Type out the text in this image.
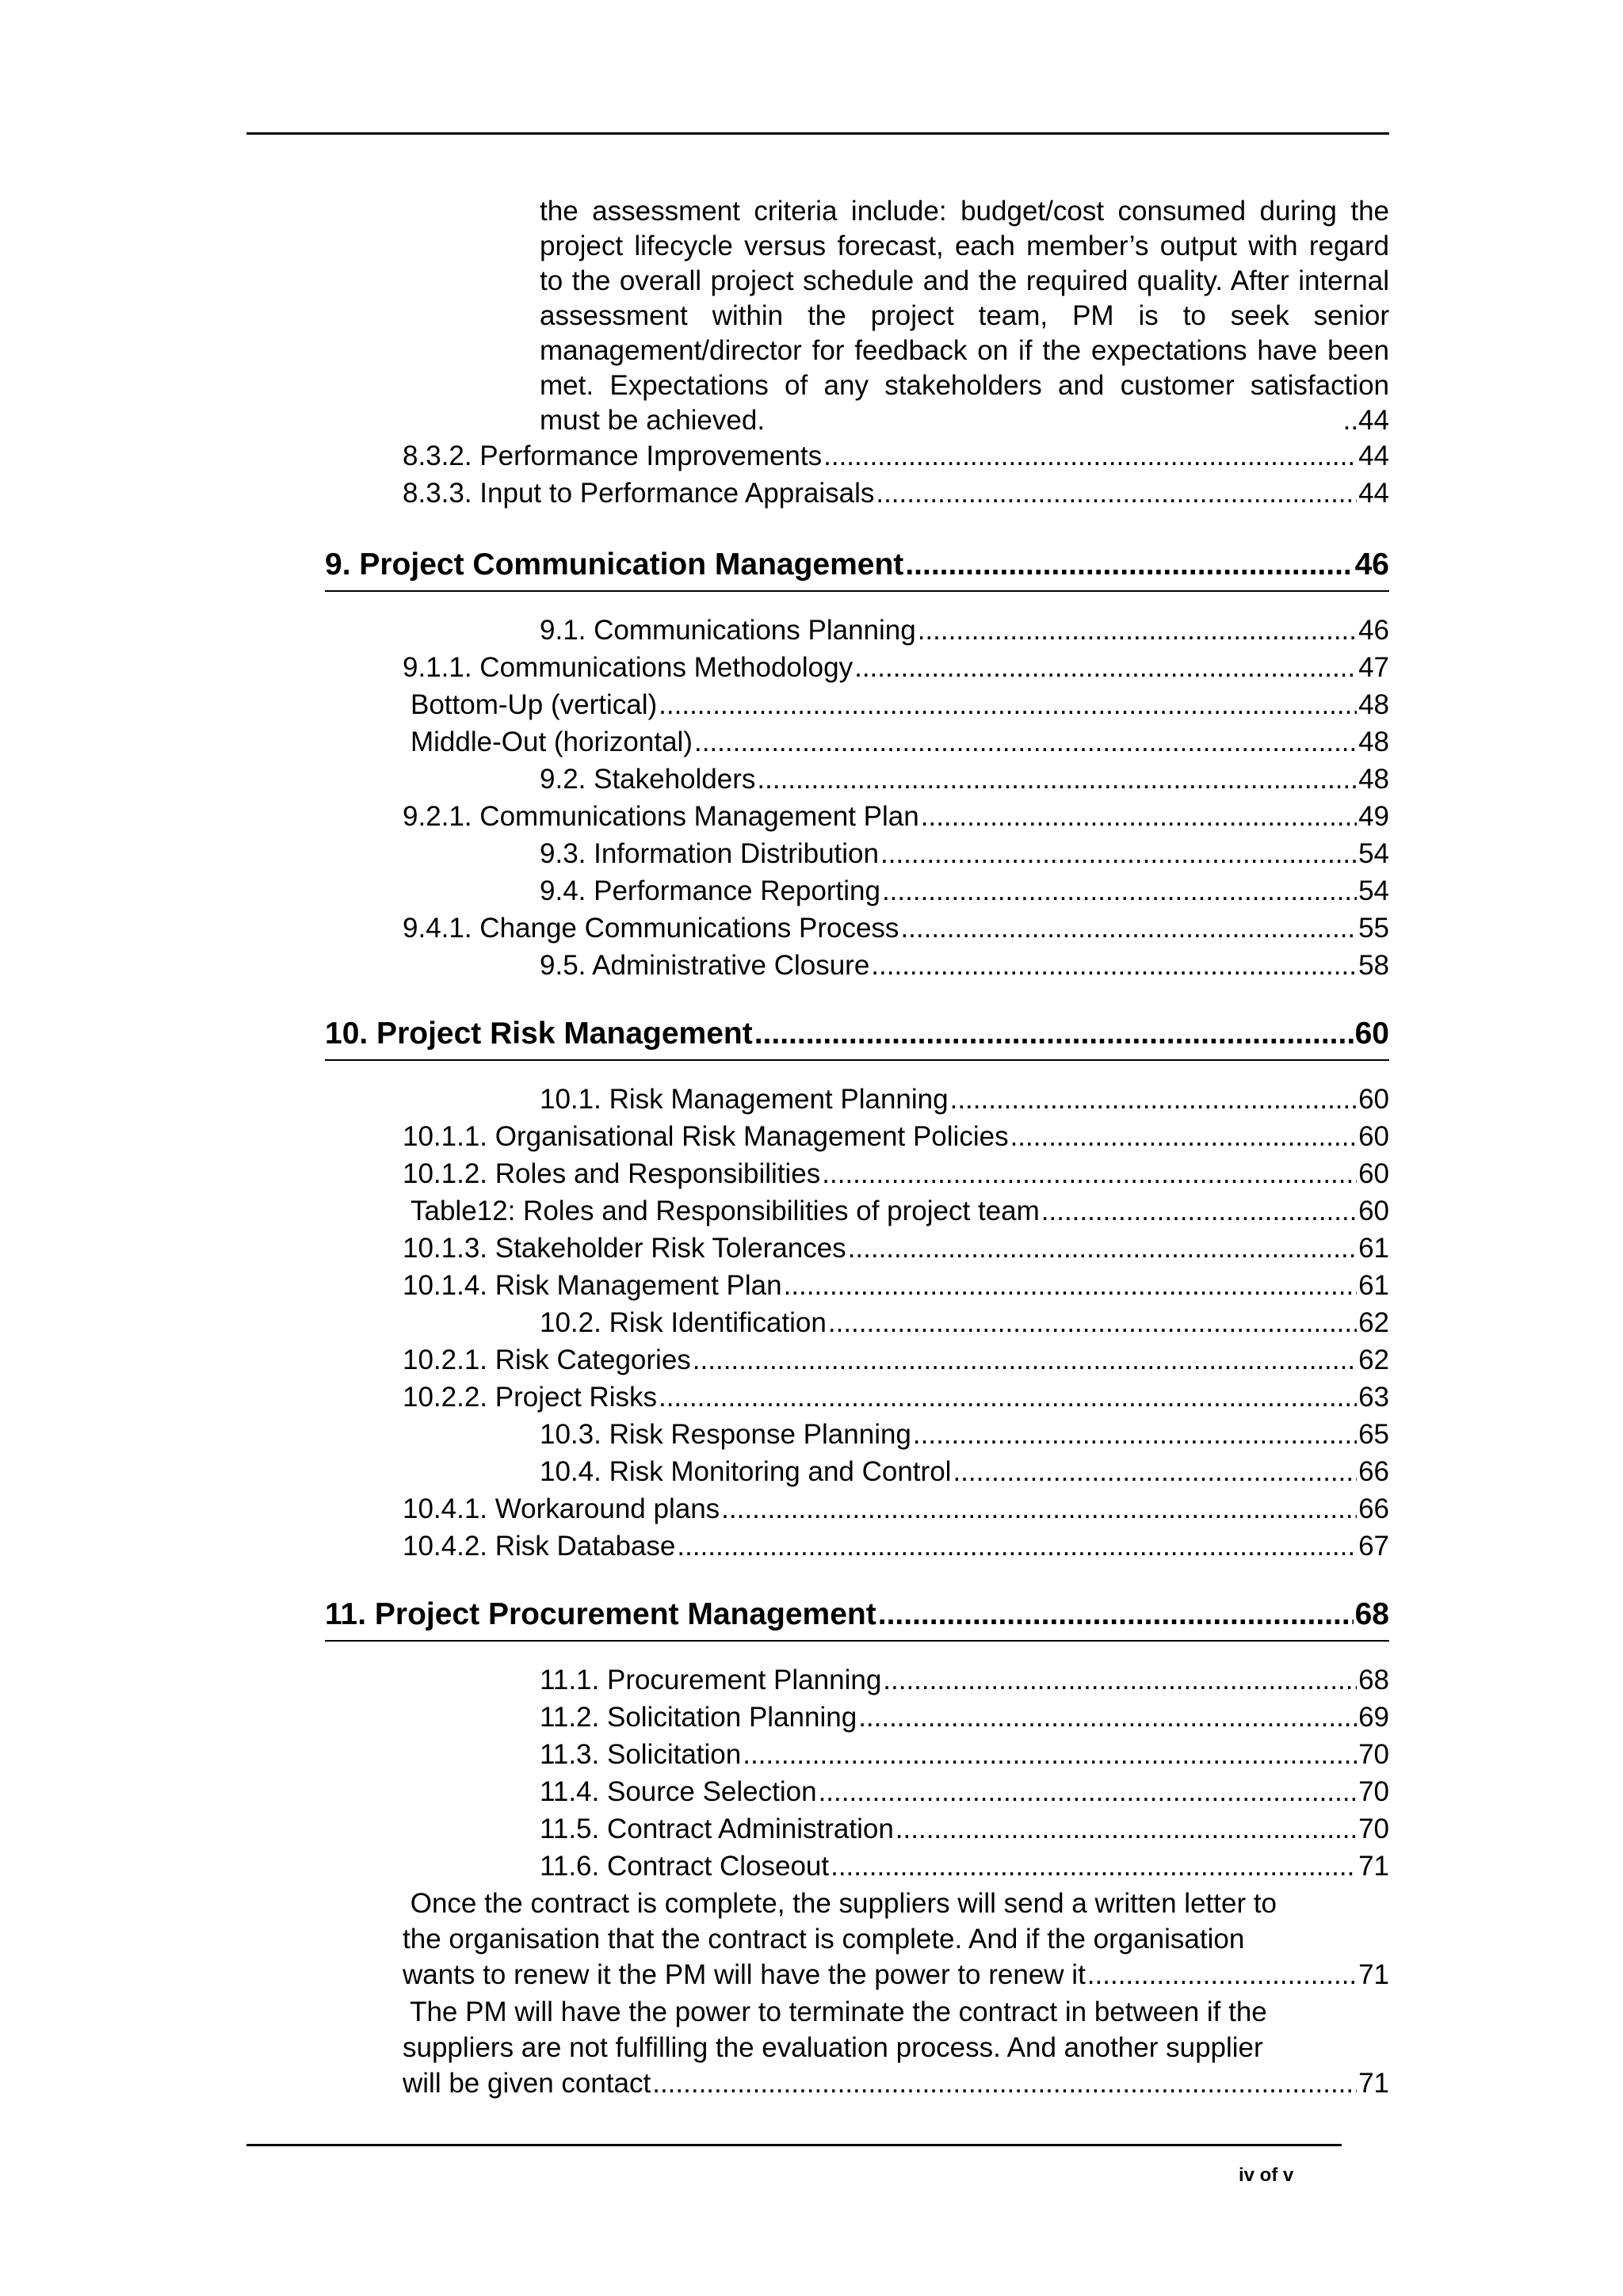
the assessment criteria include: budget/cost consumed during the project lifecycle versus forecast, each member’s output with regard to the overall project schedule and the required quality. After internal assessment within the project team, PM is to seek senior management/director for feedback on if the expectations have been met. Expectations of any stakeholders and customer satisfaction must be achieved.	..44

8.3.2. Performance Improvements .....	44
8.3.3. Input to Performance Appraisals .....	44
9. Project Communication Management .....	46
9.1. Communications Planning .....	46
9.1.1. Communications Methodology .....	47
Bottom-Up (vertical) .....	48
Middle-Out (horizontal) .....	48
9.2. Stakeholders .....	48
9.2.1. Communications Management Plan .....	49
9.3. Information Distribution .....	54
9.4. Performance Reporting .....	54
9.4.1. Change Communications Process .....	55
9.5. Administrative Closure .....	58
10. Project Risk Management .....	60
10.1. Risk Management Planning .....	60
10.1.1. Organisational Risk Management Policies .....	60
10.1.2. Roles and Responsibilities .....	60
Table12: Roles and Responsibilities of project team .....	60
10.1.3. Stakeholder Risk Tolerances .....	61
10.1.4. Risk Management Plan .....	61
10.2. Risk Identification .....	62
10.2.1. Risk Categories .....	62
10.2.2. Project Risks .....	63
10.3. Risk Response Planning .....	65
10.4. Risk Monitoring and Control .....	66
10.4.1. Workaround plans .....	66
10.4.2. Risk Database .....	67
11. Project Procurement Management .....	68
11.1. Procurement Planning .....	68
11.2. Solicitation Planning .....	69
11.3. Solicitation .....	70
11.4. Source Selection .....	70
11.5. Contract Administration .....	70
11.6. Contract Closeout .....	71
Once the contract is complete, the suppliers will send a written letter to
the organisation that the contract is complete. And if the organisation
wants to renew it the PM will have the power to renew it .....	71
The PM will have the power to terminate the contract in between if the
suppliers are not fulfilling the evaluation process. And another supplier
will be given contact .....	71
iv of v
